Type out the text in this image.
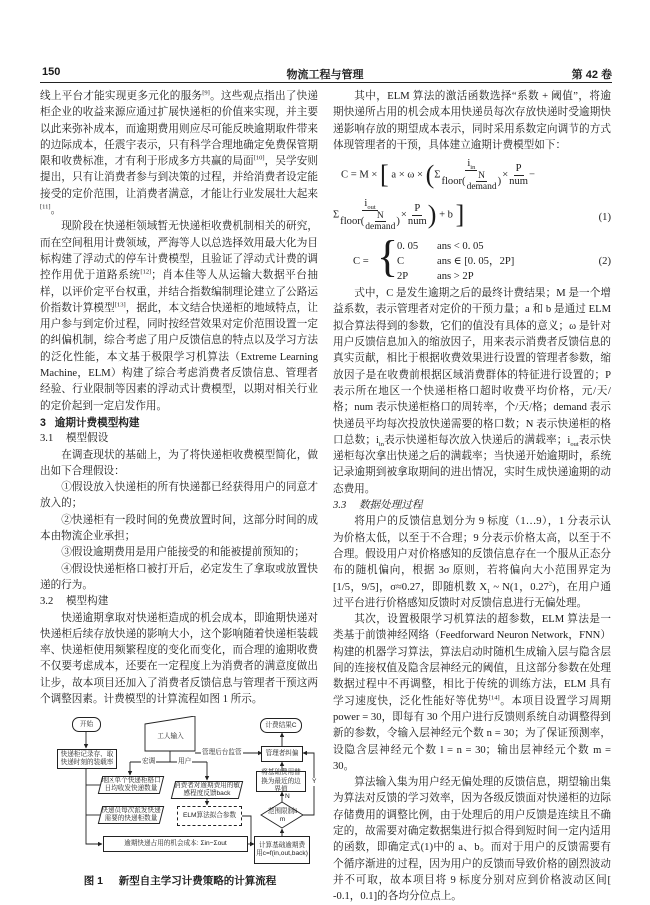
150	物流工程与管理	第 42 卷

线上平台才能实现更多元化的服务[9]。这些观点指出了快递柜企业的收益来源应通过扩展快递柜的价值来实现，并主要以此来弥补成本，而逾期费用则应尽可能反映逾期取件带来的边际成本，任震宇表示，只有科学合理地确定免费保管期限和收费标准，才有利于形成多方共赢的局面[10]，吴学安则提出，只有让消费者参与到决策的过程，并给消费者设定能接受的定价范围，让消费者满意，才能让行业发展壮大起来[11]。

现阶段在快递柜领域暂无快递柜收费机制相关的研究，而在空间租用计费领域，严海等人以总选择效用最大化为目标构建了浮动式的停车计费模型，且验证了浮动式计费的调控作用优于道路系统[12]；肖本佳等人从运输大数据平台抽样，以评价定平台权重，并结合指数编制理论建立了公路运价指数计算模型[13]，据此，本文结合快递柜的地域特点，让用户参与到定价过程，同时按经营效果对定价范围设置一定的纠偏机制，综合考虑了用户反馈信息的特点以及学习方法的泛化性能，本文基于极限学习机算法（Extreme Learning Machine，ELM）构建了综合考虑消费者反馈信息、管理者经验、行业限制等因素的浮动式计费模型，以期对相关行业的定价起到一定启发作用。

3 逾期计费模型构建
3.1 模型假设

在调查现状的基础上，为了将快递柜收费模型简化，做出如下合理假设：

①假设放入快递柜的所有快递都已经获得用户的同意才放入的；

②快递柜有一段时间的免费放置时间，这部分时间的成本由物流企业承担；

③假设逾期费用是用户能接受的和能被提前预知的；

④假设快递柜格口被打开后，必定发生了拿取或放置快递的行为。

3.2 模型构建

快递逾期拿取对快递柜造成的机会成本，即逾期快递对快递柜后续存放快递的影响大小，这个影响随着快递柜装载率、快递柜使用频繁程度的变化而变化，而合理的逾期收费不仅要考虑成本，还要在一定程度上为消费者的满意度做出让步，故本项目还加入了消费者反馈信息与管理者干预这两个调整因素。计费模型的计算流程如图 1 所示。

开始
快递柜记录存、取快递时刻的装载率
工人输入
管理后台监管
宏调	用户
地区单个快递柜格口日均收发快递数量	消费者对逾期费用的敏感程度反馈back
快递员每次派发快递需要的快递柜数量	ELM算法拟合参数
逾期快递占用的机会成本: Σin−Σout
计费结果C
管理者纠偏
将基础费用替换为最近的边界值
范围限制lim
计算基础逾期费用c=f(in,out,back)
N
Y
图 1 新型自主学习计费策略的计算流程

其中，ELM 算法的激活函数选择“系数 + 阈值”，将逾期快递所占用的机会成本用快递员每次存放快递时受逾期快递影响存放的期望成本表示，同时采用系数定向调节的方式体现管理者的干预，具体建立逾期计费模型如下：

C = M × [ $a \times \omega \times (\Sigma \frac{i_{in}}{floor( \frac{N}{\text{demand}} )} \times \frac{P}{\text{num}}$ −
Σ $\frac{i_{out}}{floor( \frac{N}{\text{demand}} )} \times \frac{P}{\text{num}}$ ) + b ]	(1)
C = {
0. 05 ans < 0. 05
C	ans ∈ [0. 05，2P]
2P	ans > 2P
(2)

式中，C 是发生逾期之后的最终计费结果；M 是一个增益系数，表示管理者对定价的干预力量；a 和 b 是通过 ELM 拟合算法得到的参数，它们的值没有具体的意义；ω 是针对用户反馈信息加入的缩放因子，用来表示消费者反馈信息的真实贡献，相比于根据收费效果进行设置的管理者参数，缩放因子是在收费前根据区域消费群体的特征进行设置的；P 表示所在地区一个快递柜格口超时收费平均价格，元/天/格；num 表示快递柜格口的周转率，个/天/格；demand 表示快递员平均每次投放快递需要的格口数；N 表示快递柜的格口总数；$i_{in}$表示快递柜每次放入快递后的满载率；$i_{out}$表示快递柜每次拿出快递之后的满载率；当快递开始逾期时，系统记录逾期到被拿取期间的进出情况，实时生成快递逾期的动态费用。

3.3 数据处理过程

将用户的反馈信息划分为 9 标度（1…9），1 分表示认为价格太低，以至于不合理；9 分表示价格太高，以至于不合理。假设用户对价格感知的反馈信息存在一个服从正态分布的随机偏向，根据 3σ 原则，若将偏向大小范围界定为[1/5，9/5]，σ≈0.27，即随机数 $X_1$ ~ N(1，0.27$^2$)，在用户通过平台进行价格感知反馈时对反馈信息进行无偏处理。

其次，设置极限学习机算法的超参数，ELM 算法是一类基于前馈神经网络（Feedforward Neuron Network，FNN）构建的机器学习算法，算法启动时随机生成输入层与隐含层间的连接权值及隐含层神经元的阈值，且这部分参数在处理数据过程中不再调整，相比于传统的训练方法，ELM 具有学习速度快，泛化性能好等优势[14]。本项目设置学习周期 power = 30，即每有 30 个用户进行反馈则系统自动调整得到新的参数，令输入层神经元个数 n = 30；为了保证预测率，设隐含层神经元个数 l = n = 30；输出层神经元个数 m = 30。

算法输入集为用户经无偏处理的反馈信息，期望输出集为算法对反馈的学习效率，因为各级反馈面对快递柜的边际存储费用的调整比例，由于处理后的用户反馈是连续且不确定的，故需要对确定数据集进行拟合得到短时间一定内适用的函数，即确定式(1)中的 a、b。而对于用户的反馈需要有个循序渐进的过程，因为用户的反馈而导致价格的剧烈波动并不可取，故本项目将 9 标度分别对应到价格波动区间[ -0.1，0.1]的各均分位点上。
